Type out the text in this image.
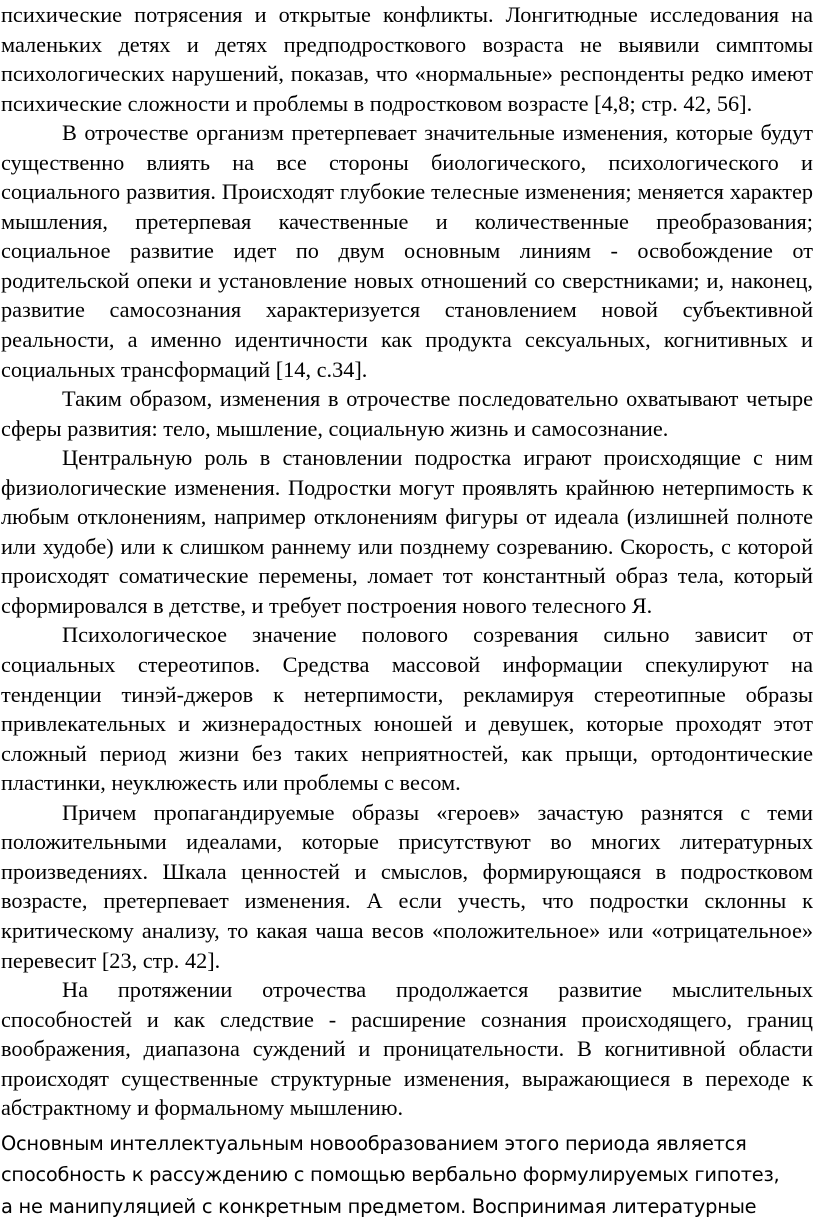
психические потрясения и открытые конфликты. Лонгитюдные исследования на маленьких детях и детях предподросткового возраста не выявили симптомы психологических нарушений, показав, что «нормальные» респонденты редко имеют психические сложности и проблемы в подростковом возрасте [4,8; стр. 42, 56].

В отрочестве организм претерпевает значительные изменения, которые будут существенно влиять на все стороны биологического, психологического и социального развития. Происходят глубокие телесные изменения; меняется характер мышления, претерпевая качественные и количественные преобразования; социальное развитие идет по двум основным линиям - освобождение от родительской опеки и установление новых отношений со сверстниками; и, наконец, развитие самосознания характеризуется становлением новой субъективной реальности, а именно идентичности как продукта сексуальных, когнитивных и социальных трансформаций [14, с.34].

Таким образом, изменения в отрочестве последовательно охватывают четыре сферы развития: тело, мышление, социальную жизнь и самосознание.

Центральную роль в становлении подростка играют происходящие с ним физиологические изменения. Подростки могут проявлять крайнюю нетерпимость к любым отклонениям, например отклонениям фигуры от идеала (излишней полноте или худобе) или к слишком раннему или позднему созреванию. Скорость, с которой происходят соматические перемены, ломает тот константный образ тела, который сформировался в детстве, и требует построения нового телесного Я.

Психологическое значение полового созревания сильно зависит от социальных стереотипов. Средства массовой информации спекулируют на тенденции тинэй-джеров к нетерпимости, рекламируя стереотипные образы привлекательных и жизнерадостных юношей и девушек, которые проходят этот сложный период жизни без таких неприятностей, как прыщи, ортодонтические пластинки, неуклюжесть или проблемы с весом.

Причем пропагандируемые образы «героев» зачастую разнятся с теми положительными идеалами, которые присутствуют во многих литературных произведениях. Шкала ценностей и смыслов, формирующаяся в подростковом возрасте, претерпевает изменения. А если учесть, что подростки склонны к критическому анализу, то какая чаша весов «положительное» или «отрицательное» перевесит [23, стр. 42].

На протяжении отрочества продолжается развитие мыслительных способностей и как следствие - расширение сознания происходящего, границ воображения, диапазона суждений и проницательности. В когнитивной области происходят существенные структурные изменения, выражающиеся в переходе к абстрактному и формальному мышлению.

Основным интеллектуальным новообразованием этого периода является

способность к рассуждению с помощью вербально формулируемых гипотез,

а не манипуляцией с конкретным предметом. Воспринимая литературные
